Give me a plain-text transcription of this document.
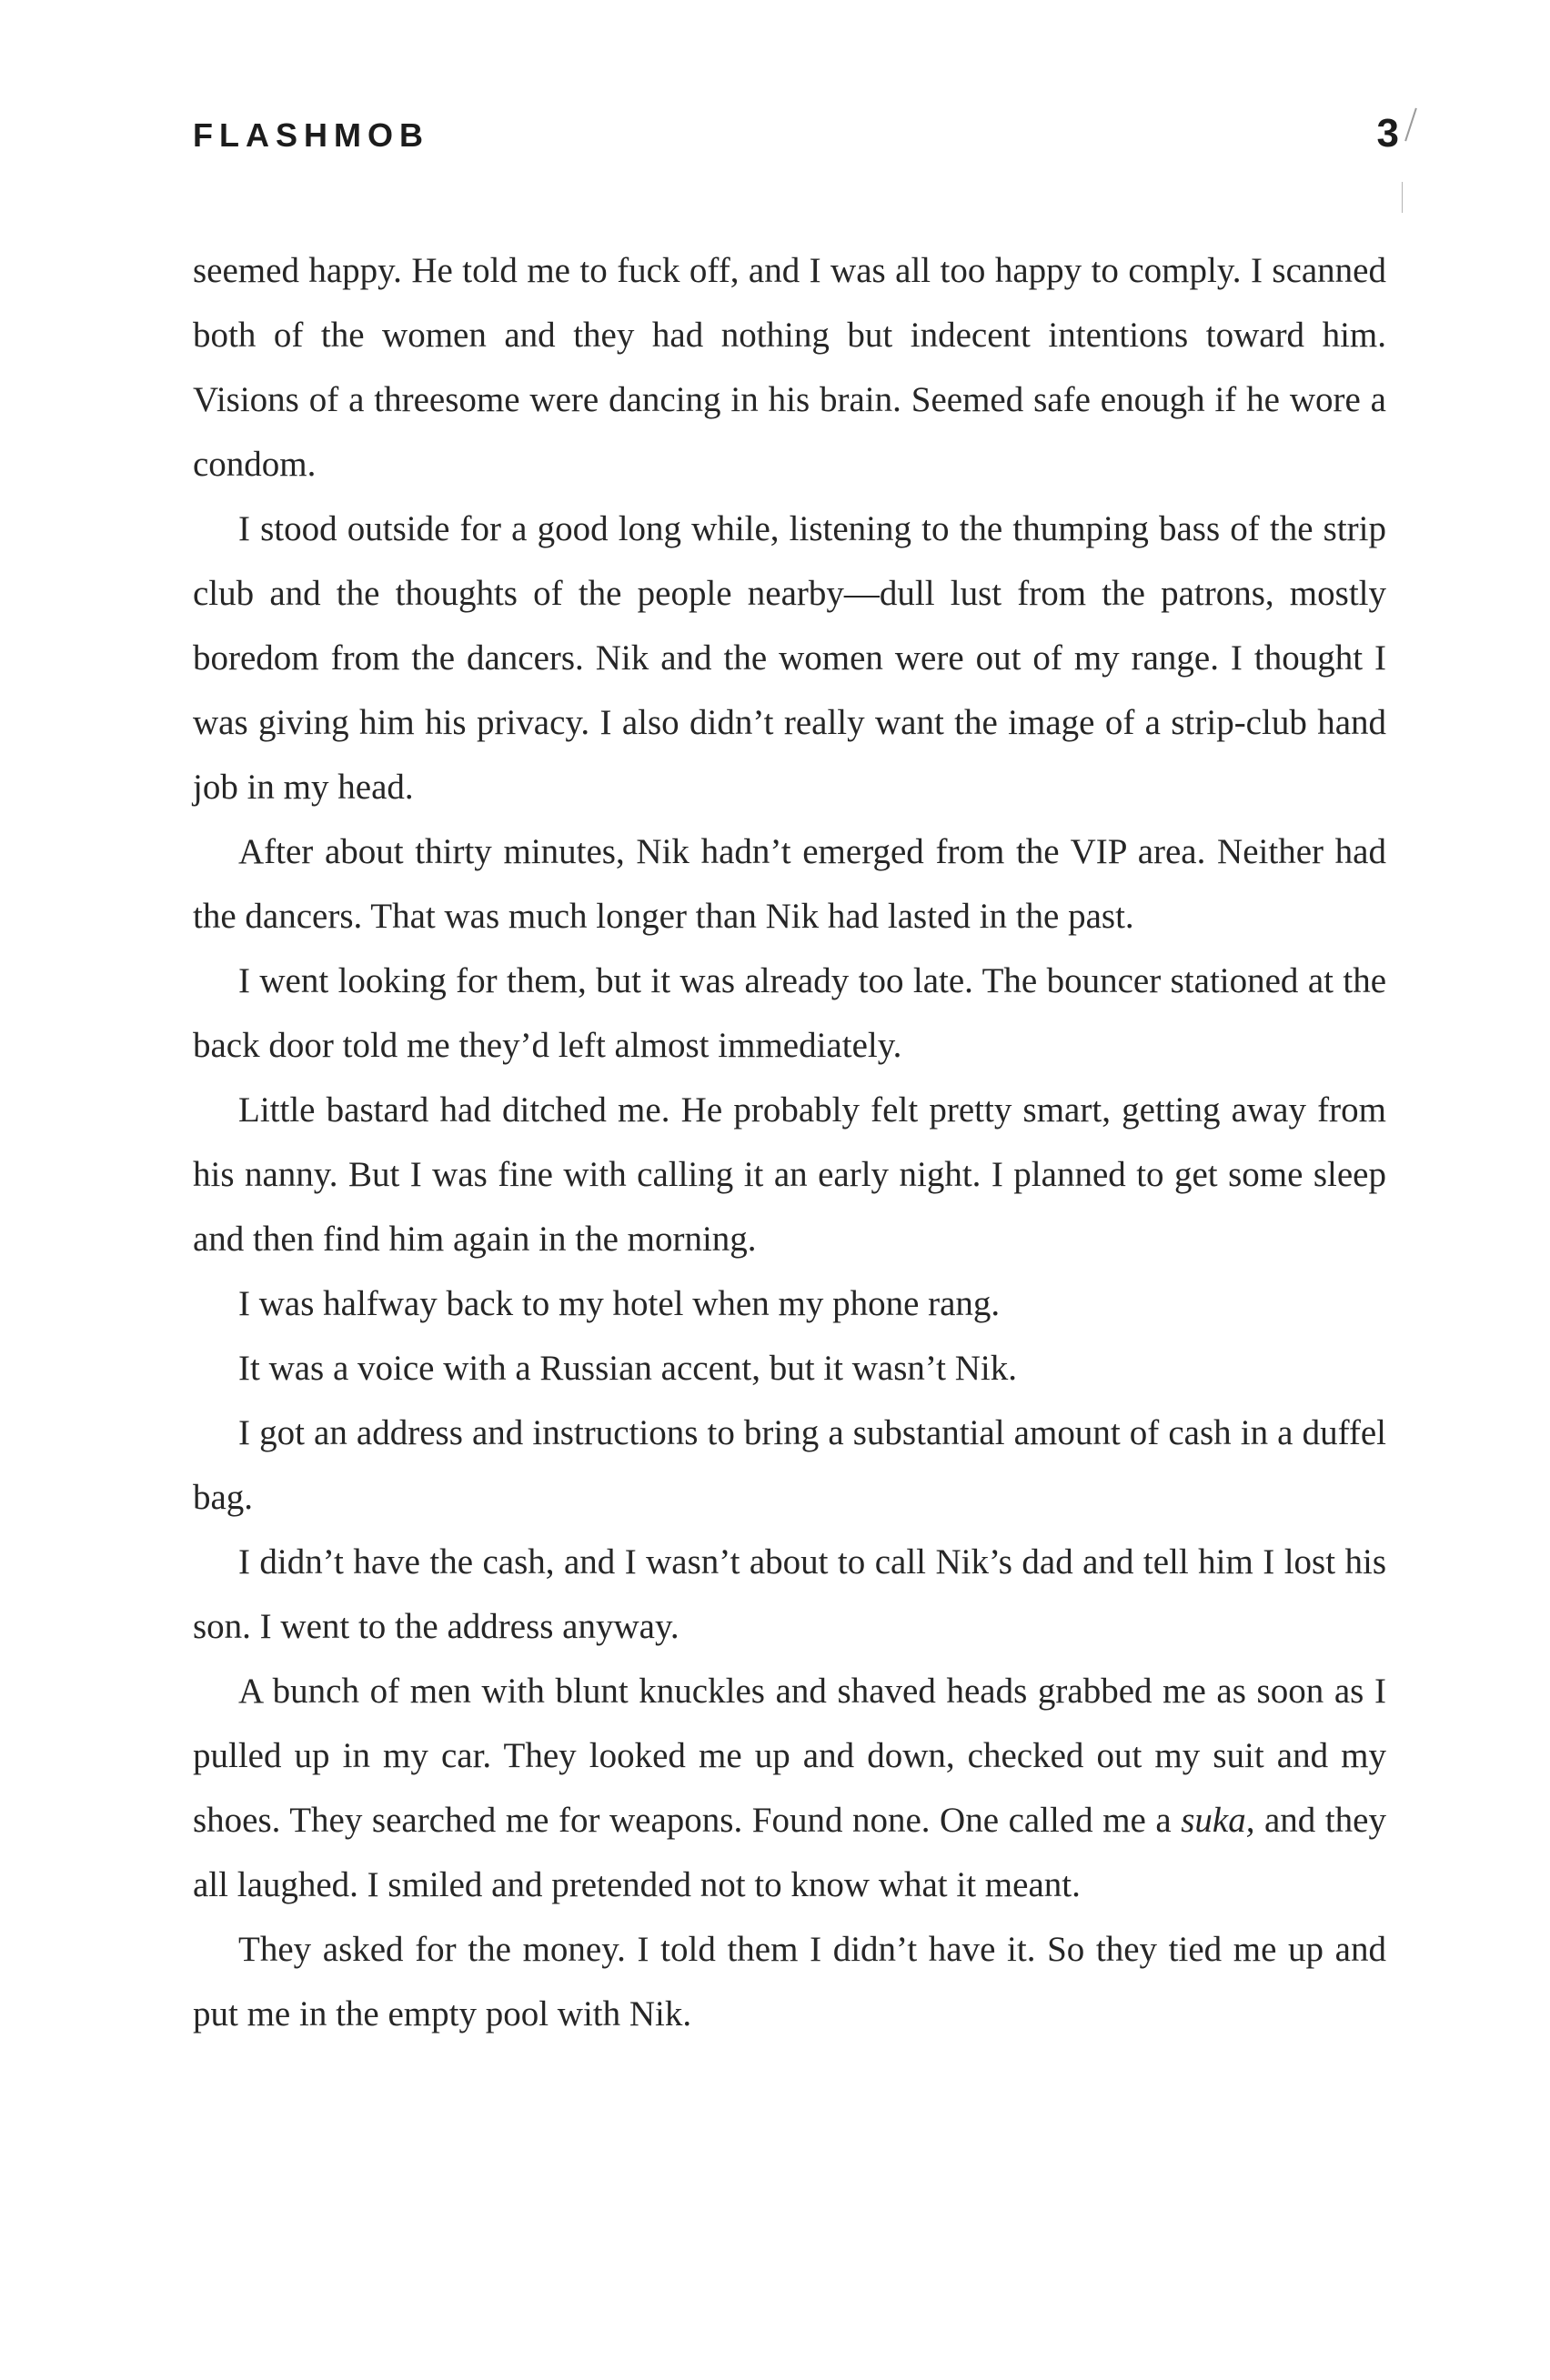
FLASHMOB	3

seemed happy. He told me to fuck off, and I was all too happy to comply. I scanned both of the women and they had nothing but indecent intentions toward him. Visions of a threesome were dancing in his brain. Seemed safe enough if he wore a condom.

I stood outside for a good long while, listening to the thumping bass of the strip club and the thoughts of the people nearby—dull lust from the patrons, mostly boredom from the dancers. Nik and the women were out of my range. I thought I was giving him his privacy. I also didn’t really want the image of a strip-club hand job in my head.

After about thirty minutes, Nik hadn’t emerged from the VIP area. Neither had the dancers. That was much longer than Nik had lasted in the past.

I went looking for them, but it was already too late. The bouncer stationed at the back door told me they’d left almost immediately.

Little bastard had ditched me. He probably felt pretty smart, getting away from his nanny. But I was fine with calling it an early night. I planned to get some sleep and then find him again in the morning.

I was halfway back to my hotel when my phone rang.

It was a voice with a Russian accent, but it wasn’t Nik.

I got an address and instructions to bring a substantial amount of cash in a duffel bag.

I didn’t have the cash, and I wasn’t about to call Nik’s dad and tell him I lost his son. I went to the address anyway.

A bunch of men with blunt knuckles and shaved heads grabbed me as soon as I pulled up in my car. They looked me up and down, checked out my suit and my shoes. They searched me for weapons. Found none. One called me a suka, and they all laughed. I smiled and pretended not to know what it meant.

They asked for the money. I told them I didn’t have it. So they tied me up and put me in the empty pool with Nik.
